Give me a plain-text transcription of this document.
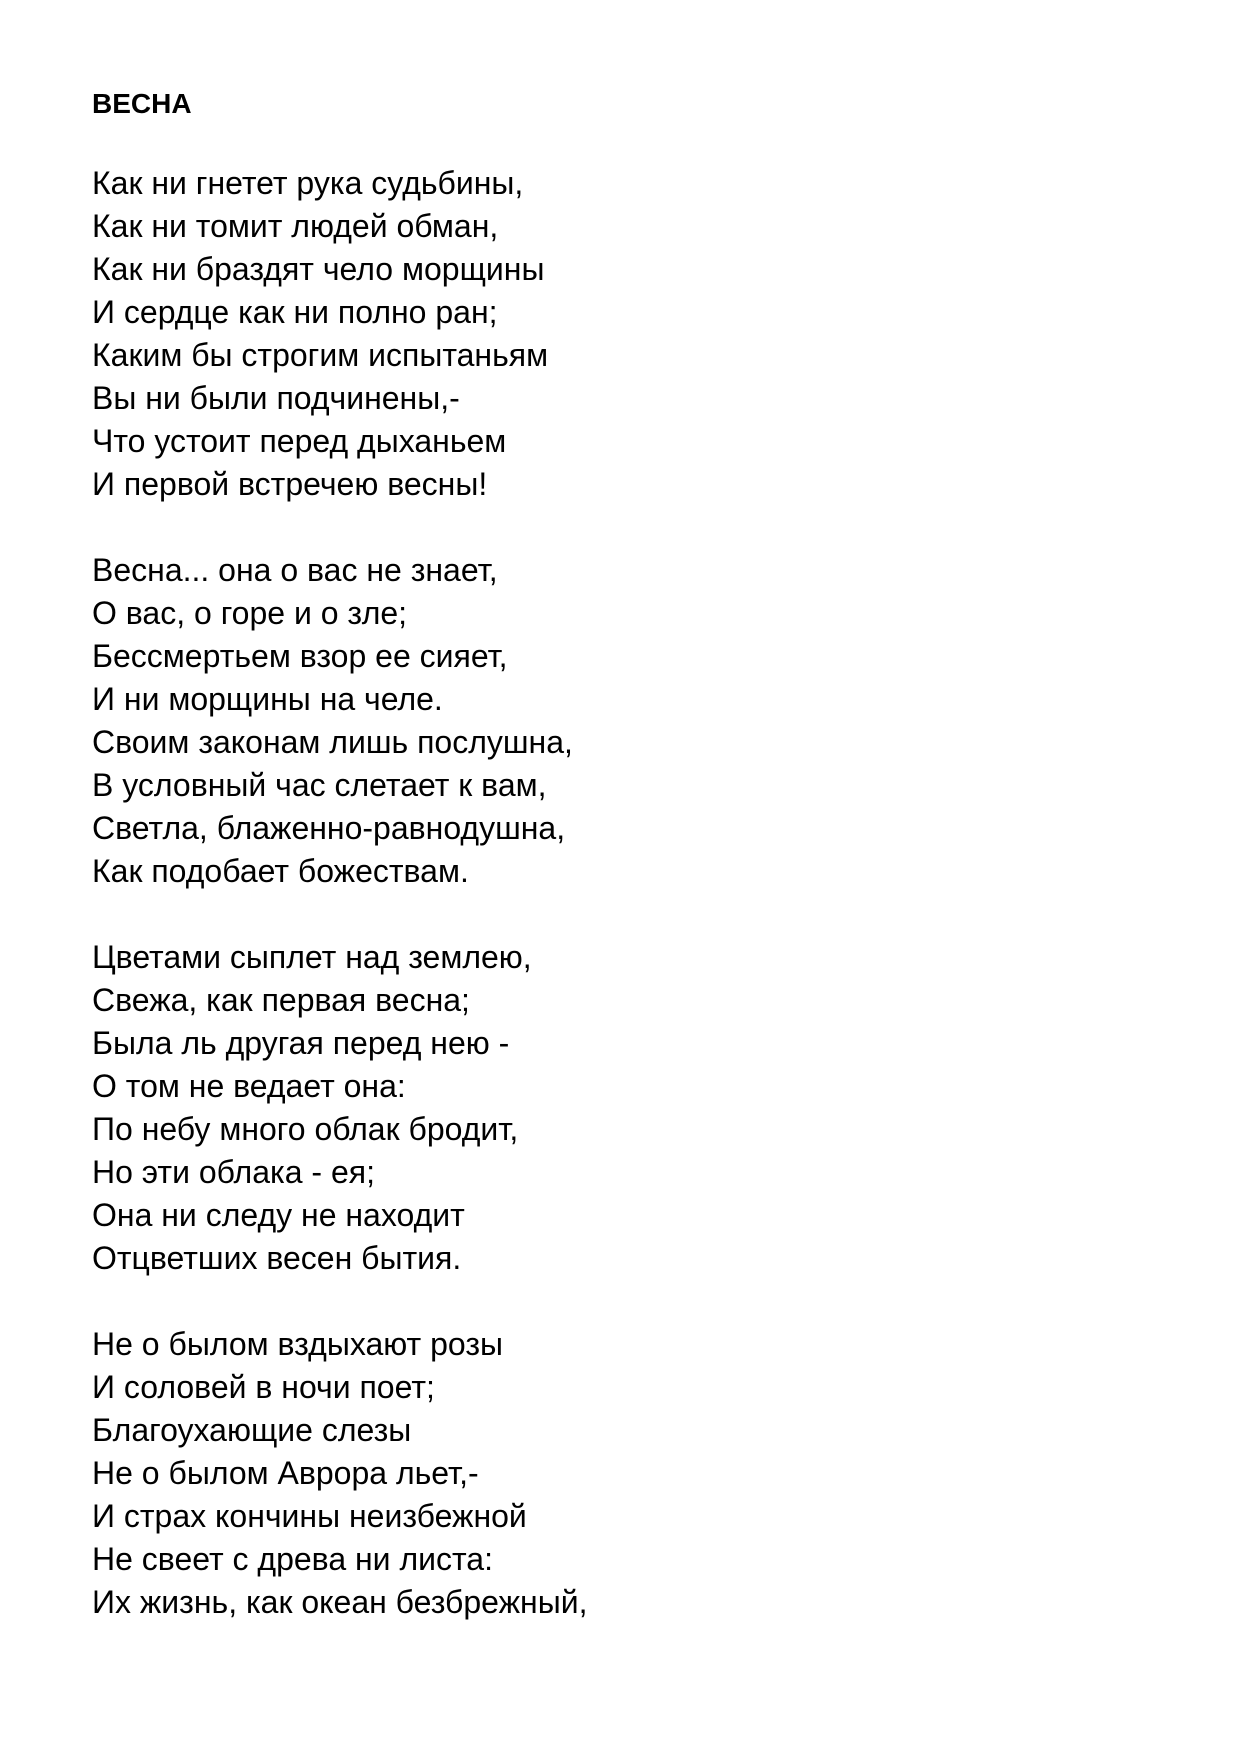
ВЕСНА
Как ни гнетет рука судьбины,
Как ни томит людей обман,
Как ни браздят чело морщины
И сердце как ни полно ран;
Каким бы строгим испытаньям
Вы ни были подчинены,-
Что устоит перед дыханьем
И первой встречею весны!
Весна... она о вас не знает,
О вас, о горе и о зле;
Бессмертьем взор ее сияет,
И ни морщины на челе.
Своим законам лишь послушна,
В условный час слетает к вам,
Светла, блаженно-равнодушна,
Как подобает божествам.
Цветами сыплет над землею,
Свежа, как первая весна;
Была ль другая перед нею -
О том не ведает она:
По небу много облак бродит,
Но эти облака - ея;
Она ни следу не находит
Отцветших весен бытия.
Не о былом вздыхают розы
И соловей в ночи поет;
Благоухающие слезы
Не о былом Аврора льет,-
И страх кончины неизбежной
Не свеет с древа ни листа:
Их жизнь, как океан безбрежный,
